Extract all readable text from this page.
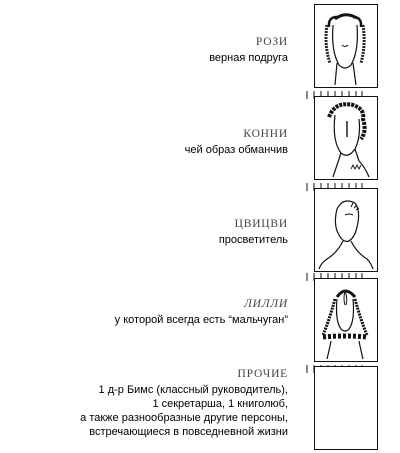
РОЗИ
верная подруга
КОННИ
чей образ обманчив
ЦВИЦВИ
просветитель
ЛИЛЛИ
у которой всегда есть “мальчуган”
ПРОЧИЕ
1 д-р Бимс (классный руководитель),
1 секретарша, 1 книголюб,
а также разнообразные другие персоны,
встречающиеся в повседневной жизни
